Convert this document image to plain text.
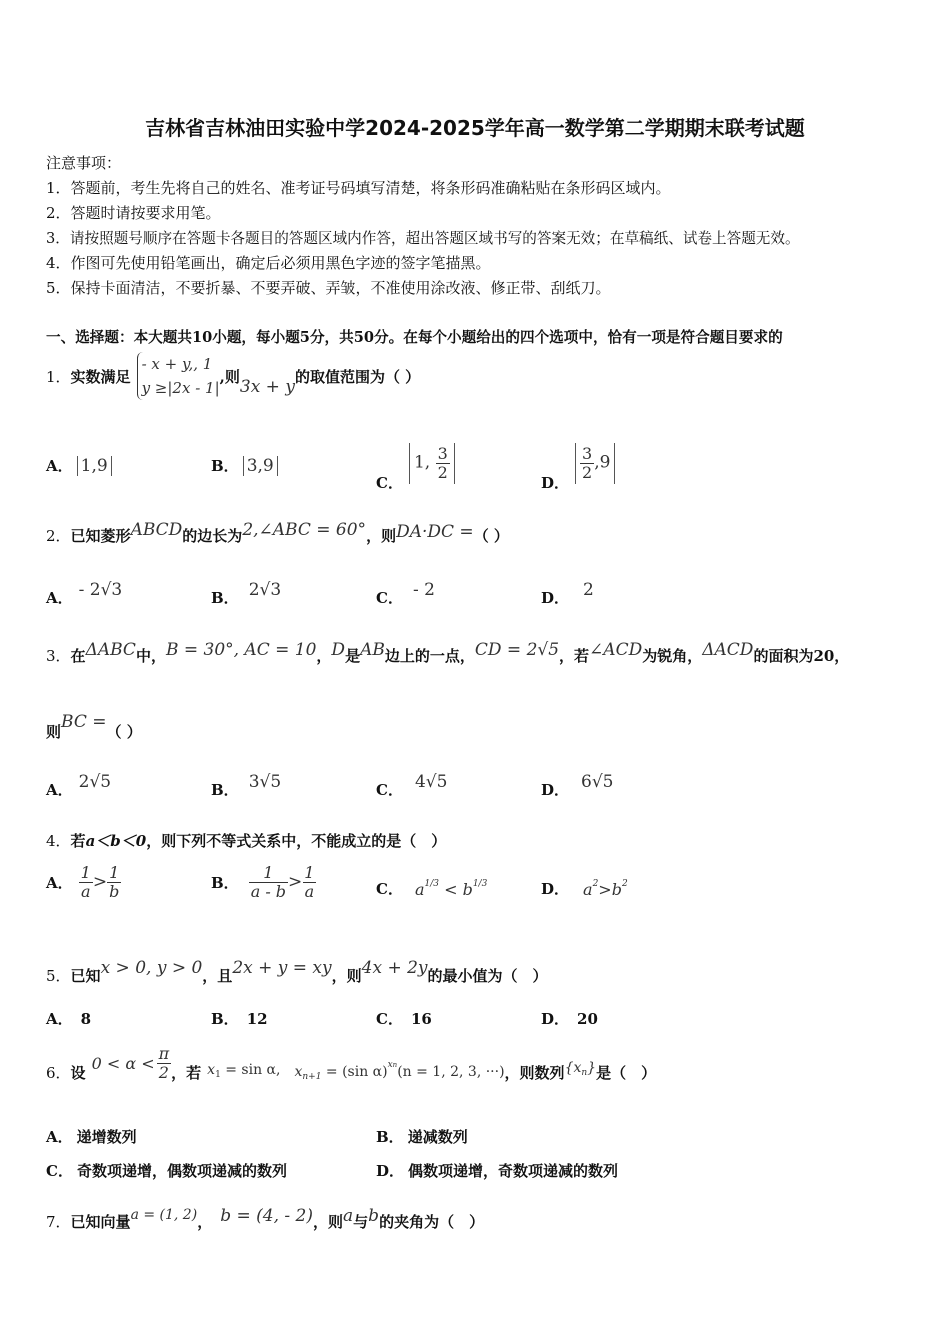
吉林省吉林油田实验中学2024-2025学年高一数学第二学期期末联考试题
注意事项：
1．答题前，考生先将自己的姓名、准考证号码填写清楚，将条形码准确粘贴在条形码区域内。
2．答题时请按要求用笔。
3．请按照题号顺序在答题卡各题目的答题区域内作答，超出答题区域书写的答案无效；在草稿纸、试卷上答题无效。
4．作图可先使用铅笔画出，确定后必须用黑色字迹的签字笔描黑。
5．保持卡面清洁，不要折暴、不要弄破、弄皱，不准使用涂改液、修正带、刮纸刀。
一、选择题：本大题共10小题，每小题5分，共50分。在每个小题给出的四个选项中，恰有一项是符合题目要求的
1． 实数满足
- x + y,, 1
y ≥|2x - 1|
,则
3x + y
的取值范围为（ ）
A． 1,9	B． 3,9
C．
1, $\frac{3}{2}$
D．
$\frac{3}{2} ,9$
2．已知菱形ABCD的边长为2,∠ABC = 60°，则DA·DC =（ ）
A． - 2√3	B． 2√3	C． - 2	D． 2
3．在ΔABC中，B = 30°, AC = 10，D是AB边上的一点，CD = 2√5，若∠ACD为锐角，ΔACD的面积为20，
则BC =（ ）
A． 2√5	B． 3√5	C． 4√5	D． 6√5
4．若a＜b＜0，则下列不等式关系中，不能成立的是（　）
A． $\frac{1}{a} > \frac{1}{b}$	B． $\frac{1}{a - b} > \frac{1}{a}$	C． $a^{1/3} < b^{1/3}$	D． $a^2>b^2$
5．已知x > 0, y > 0，且2x + y = xy，则4x + 2y的最小值为（　）
A． 8	B． 12	C． 16	D． 20
6． 设 $0 < \alpha < \frac{\pi}{2}$ ，若 $x_1 = \sin \alpha$, $x_{n+1} = (\sin$ α)$^{xn}$(n = 1, 2, 3, ···) ，则数列 $\{x_n\}$ 是（　）
A． 递增数列	B． 递减数列
C． 奇数项递增，偶数项递减的数列	D． 偶数项递增，奇数项递减的数列
7．已知向量a = (1, 2)， b = (4, - 2)，则a与b的夹角为（　）
